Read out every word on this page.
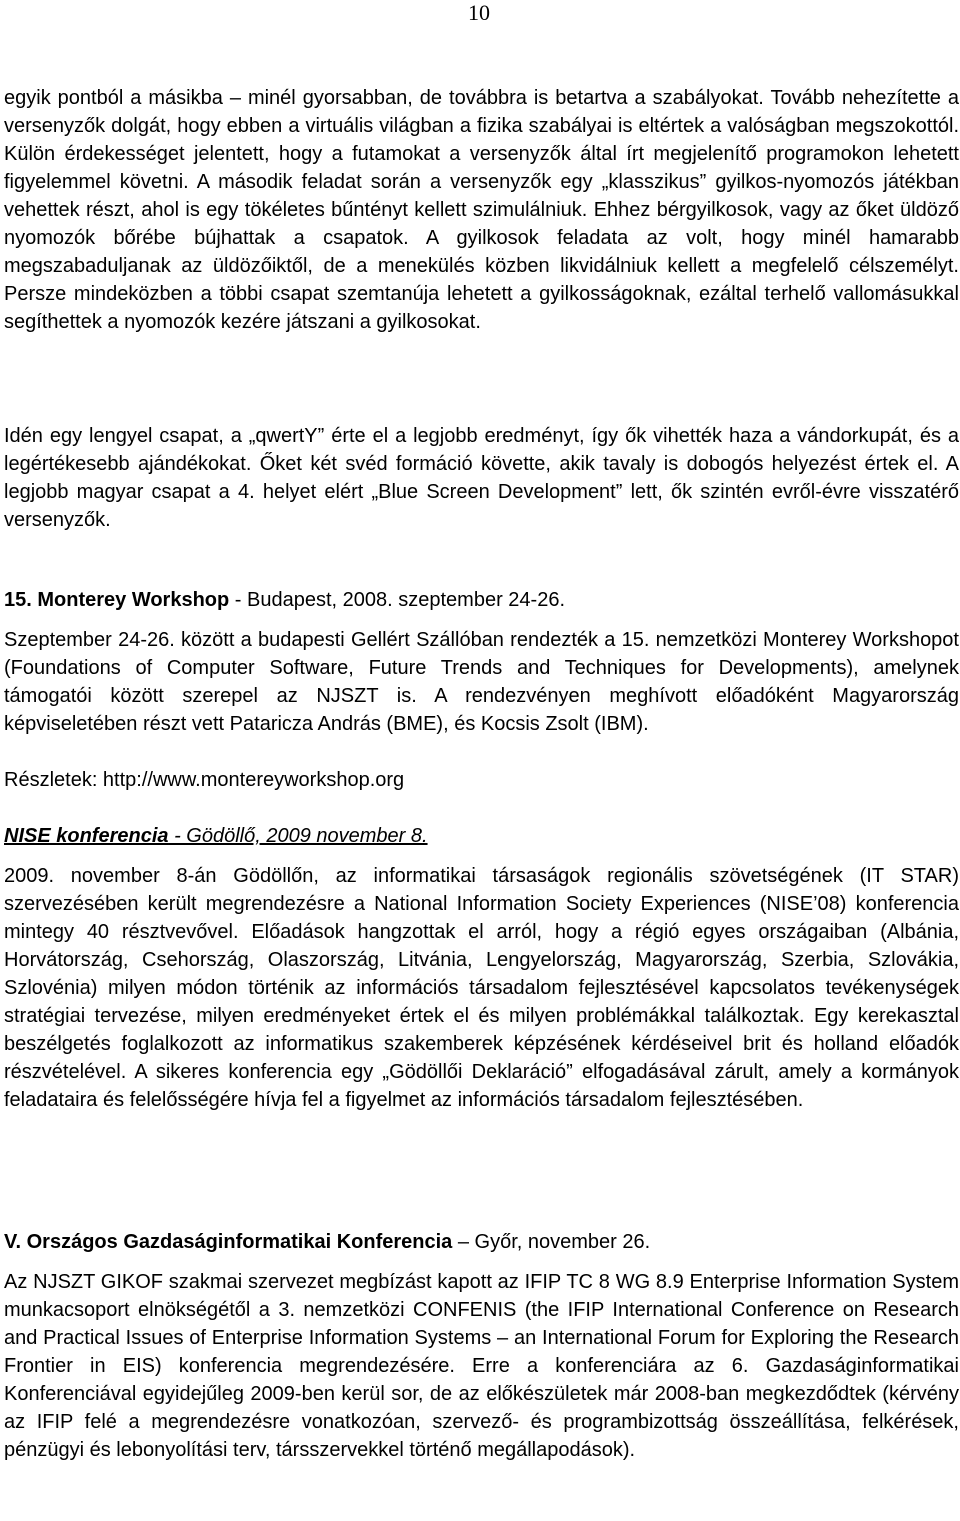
10
egyik pontból a másikba – minél gyorsabban, de továbbra is betartva a szabályokat. Tovább nehezítette a versenyzők dolgát, hogy ebben a virtuális világban a fizika szabályai is eltértek a valóságban megszokottól. Külön érdekességet jelentett, hogy a futamokat a versenyzők által írt megjelenítő programokon lehetett figyelemmel követni. A második feladat során a versenyzők egy „klasszikus” gyilkos-nyomozós játékban vehettek részt, ahol is egy tökéletes bűntényt kellett szimulálniuk. Ehhez bérgyilkosok, vagy az őket üldöző nyomozók bőrébe bújhattak a csapatok. A gyilkosok feladata az volt, hogy minél hamarabb megszabaduljanak az üldözőiktől, de a menekülés közben likvidálniuk kellett a megfelelő célszemélyt. Persze mindeközben a többi csapat szemtanúja lehetett a gyilkosságoknak, ezáltal terhelő vallomásukkal segíthettek a nyomozók kezére játszani a gyilkosokat.
Idén egy lengyel csapat, a „qwertY” érte el a legjobb eredményt, így ők vihették haza a vándorkupát, és a legértékesebb ajándékokat. Őket két svéd formáció követte, akik tavaly is dobogós helyezést értek el. A legjobb magyar csapat a 4. helyet elért „Blue Screen Development” lett, ők szintén evről-évre visszatérő versenyzők.
15. Monterey Workshop - Budapest, 2008. szeptember 24-26.
Szeptember 24-26. között a budapesti Gellért Szállóban rendezték a 15. nemzetközi Monterey Workshopot (Foundations of Computer Software, Future Trends and Techniques for Developments), amelynek támogatói között szerepel az NJSZT is. A rendezvényen meghívott előadóként Magyarország képviseletében részt vett Pataricza András (BME), és Kocsis Zsolt (IBM).
Részletek: http://www.montereyworkshop.org
NISE konferencia - Gödöllő, 2009 november 8.
2009. november 8-án Gödöllőn, az informatikai társaságok regionális szövetségének (IT STAR) szervezésében került megrendezésre a National Information Society Experiences (NISE’08) konferencia mintegy 40 résztvevővel. Előadások hangzottak el arról, hogy a régió egyes országaiban (Albánia, Horvátország, Csehország, Olaszország, Litvánia, Lengyelország, Magyarország, Szerbia, Szlovákia, Szlovénia) milyen módon történik az információs társadalom fejlesztésével kapcsolatos tevékenységek stratégiai tervezése, milyen eredményeket értek el és milyen problémákkal találkoztak. Egy kerekasztal beszélgetés foglalkozott az informatikus szakemberek képzésének kérdéseivel brit és holland előadók részvételével. A sikeres konferencia egy „Gödöllői Deklaráció” elfogadásával zárult, amely a kormányok feladataira és felelősségére hívja fel a figyelmet az információs társadalom fejlesztésében.
V. Országos Gazdaságinformatikai Konferencia – Győr, november 26.
Az NJSZT GIKOF szakmai szervezet megbízást kapott az IFIP TC 8 WG 8.9 Enterprise Information System munkacsoport elnökségétől a 3. nemzetközi CONFENIS (the IFIP International Conference on Research and Practical Issues of Enterprise Information Systems – an International Forum for Exploring the Research Frontier in EIS) konferencia megrendezésére. Erre a konferenciára az 6. Gazdaságinformatikai Konferenciával egyidejűleg 2009-ben kerül sor, de az előkészületek már 2008-ban megkezdődtek (kérvény az IFIP felé a megrendezésre vonatkozóan, szervező- és programbizottság összeállítása, felkérések, pénzügyi és lebonyolítási terv, társszervekkel történő megállapodások).
